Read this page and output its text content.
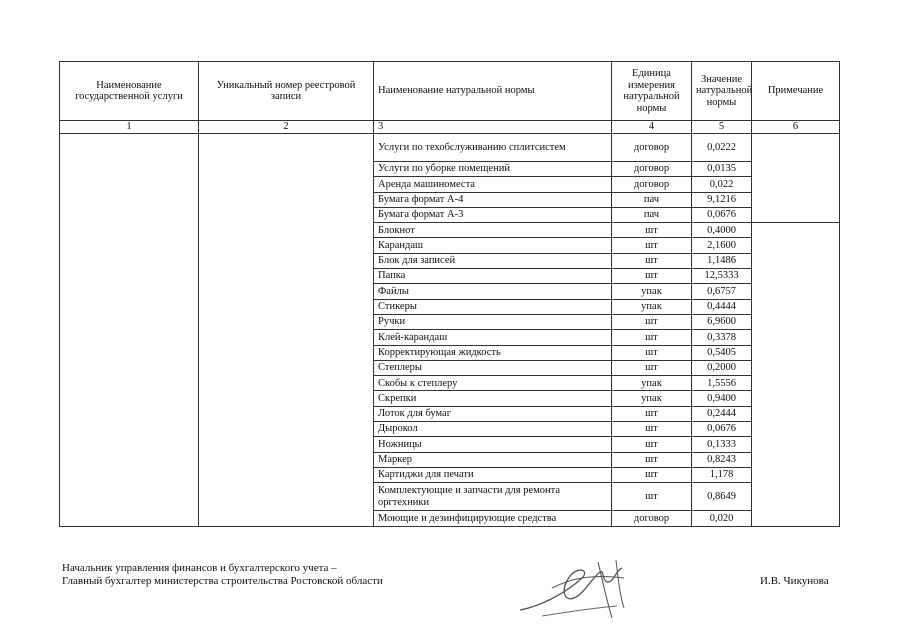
Наименование государственной услуги	Уникальный номер реестровой записи	Наименование натуральной нормы	Единица измерения натуральной нормы	Значение натуральной нормы	Примечание
1	2	3	4	5	6
		Услуги по техобслуживанию сплитсистем	договор	0,0222	
		Услуги по уборке помещений	договор	0,0135	
		Аренда машиноместа	договор	0,022	
		Бумага формат А-4	пач	9,1216	
		Бумага формат А-3	пач	0,0676	
		Блокнот	шт	0,4000	
		Карандаш	шт	2,1600	
		Блок для записей	шт	1,1486	
		Папка	шт	12,5333	
		Файлы	упак	0,6757	
		Стикеры	упак	0,4444	
		Ручки	шт	6,9600	
		Клей-карандаш	шт	0,3378	
		Корректирующая жидкость	шт	0,5405	
		Степлеры	шт	0,2000	
		Скобы к степлеру	упак	1,5556	
		Скрепки	упак	0,9400	
		Лоток для бумаг	шт	0,2444	
		Дырокол	шт	0,0676	
		Ножницы	шт	0,1333	
		Маркер	шт	0,8243	
		Картиджи для печати	шт	1,178	
		Комплектующие и запчасти для ремонта оргтехники	шт	0,8649	
		Моющие и дезинфицирующие средства	договор	0,020	
Начальник управления финансов и бухгалтерского учета –
Главный бухгалтер министерства строительства Ростовской области	И.В. Чикунова
